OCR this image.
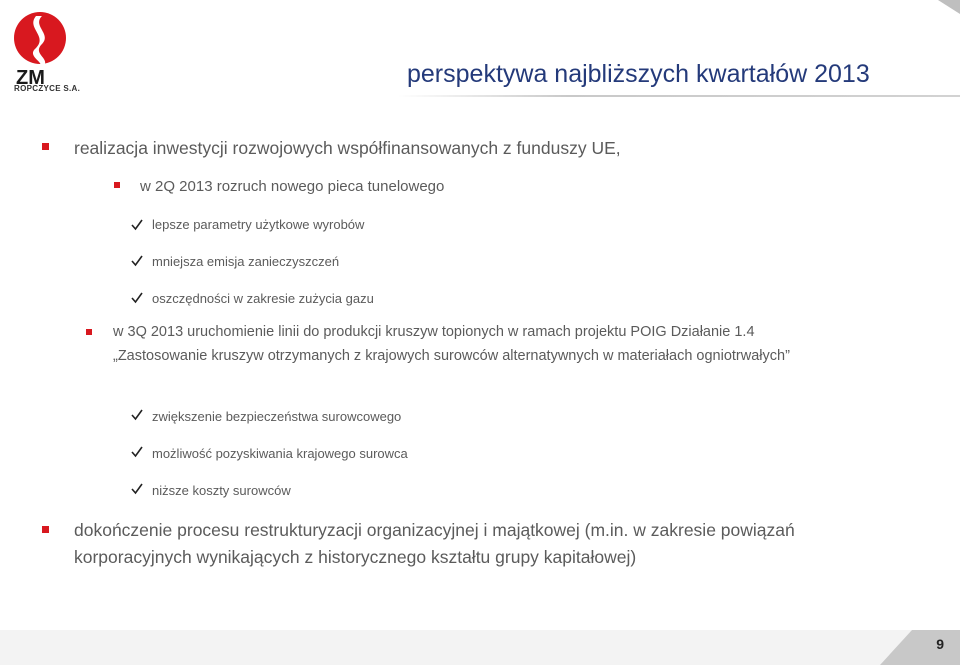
ZM
ROPCZYCE S.A.
perspektywa najbliższych kwartałów 2013
realizacja inwestycji rozwojowych współfinansowanych z funduszy UE,
w 2Q 2013 rozruch nowego pieca tunelowego
lepsze parametry użytkowe wyrobów
mniejsza emisja zanieczyszczeń
oszczędności w zakresie zużycia gazu
w 3Q 2013 uruchomienie linii do produkcji kruszyw topionych w ramach projektu POIG Działanie 1.4
„Zastosowanie kruszyw otrzymanych z krajowych surowców alternatywnych w materiałach ogniotrwałych”
zwiększenie bezpieczeństwa surowcowego
możliwość pozyskiwania krajowego surowca
niższe koszty surowców
dokończenie procesu restrukturyzacji organizacyjnej i majątkowej (m.in. w zakresie powiązań
korporacyjnych wynikających z historycznego kształtu grupy kapitałowej)
9
